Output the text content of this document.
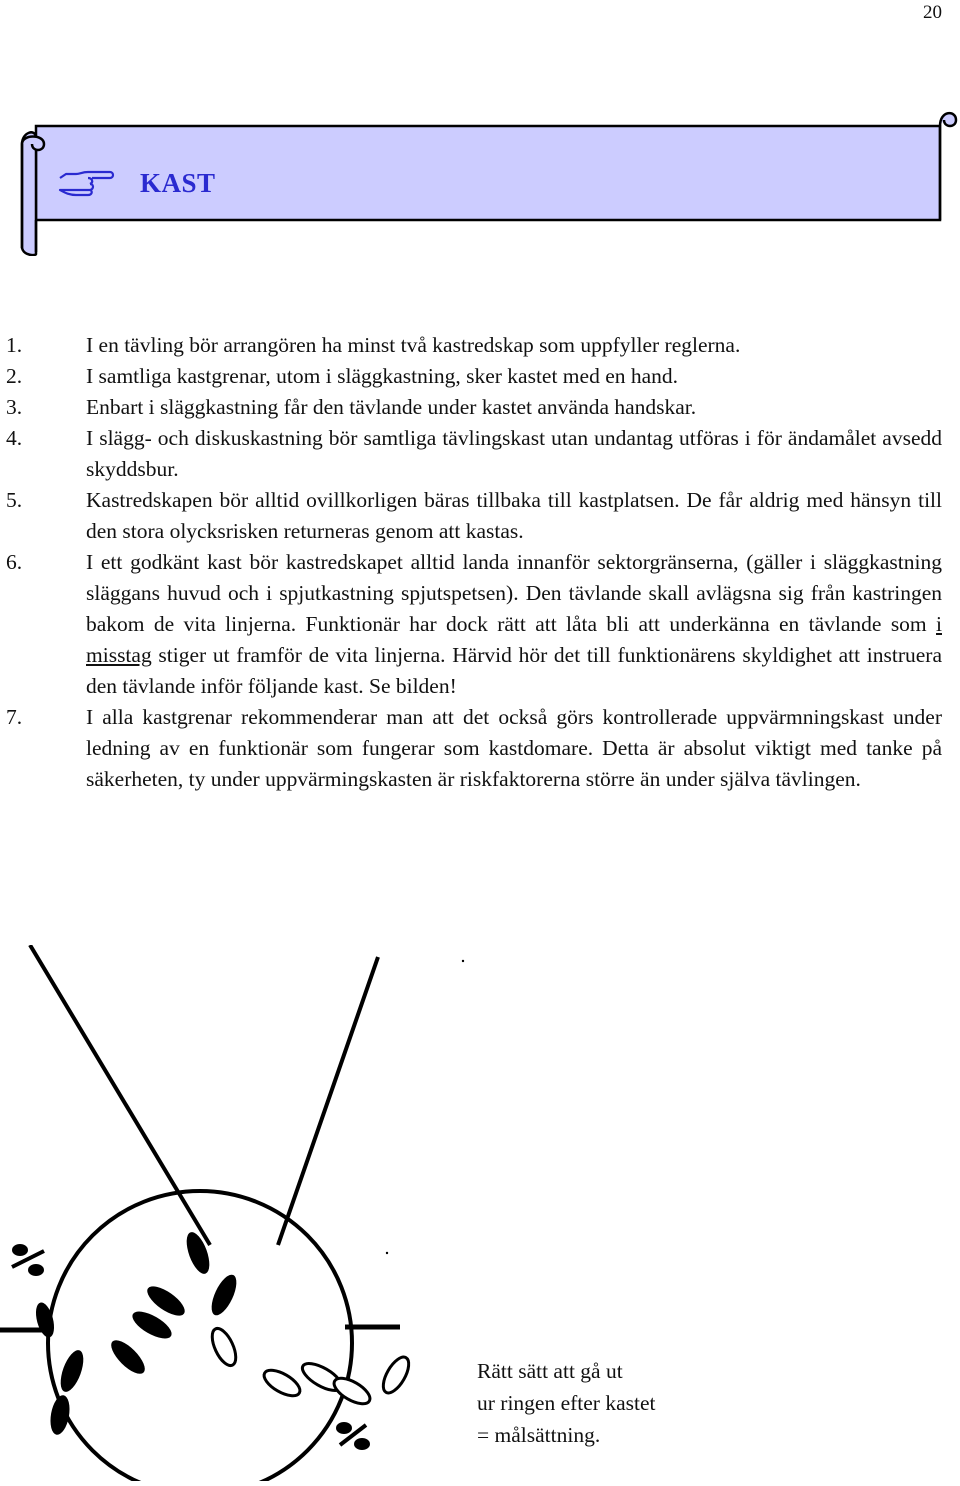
20
KAST
1.	I en tävling bör arrangören ha minst två kastredskap som uppfyller reglerna.
2.	I samtliga kastgrenar, utom i släggkastning, sker kastet med en hand.
3.	Enbart i släggkastning får den tävlande under kastet använda handskar.
4.	I slägg- och diskuskastning bör samtliga tävlingskast utan undantag utföras i för ändamålet avsedd skyddsbur.
5.	Kastredskapen bör alltid ovillkorligen bäras tillbaka till kastplatsen. De får aldrig med hänsyn till den stora olycksrisken returneras genom att kastas.
6.	I ett godkänt kast bör kastredskapet alltid landa innanför sektorgränserna, (gäller i släggkastning släggans huvud och i spjutkastning spjutspetsen). Den tävlande skall avlägsna sig från kastringen bakom de vita linjerna. Funktionär har dock rätt att låta bli att underkänna en tävlande som i misstag stiger ut framför de vita linjerna. Härvid hör det till funktionärens skyldighet att instruera den tävlande inför följande kast. Se bilden!
7.	I alla kastgrenar rekommenderar man att det också görs kontrollerade uppvärmningskast under ledning av en funktionär som fungerar som kastdomare. Detta är absolut viktigt med tanke på säkerheten, ty under uppvärmingskasten är riskfaktorerna större än under själva tävlingen.
Rätt sätt att gå ut
ur ringen efter kastet
= målsättning.
